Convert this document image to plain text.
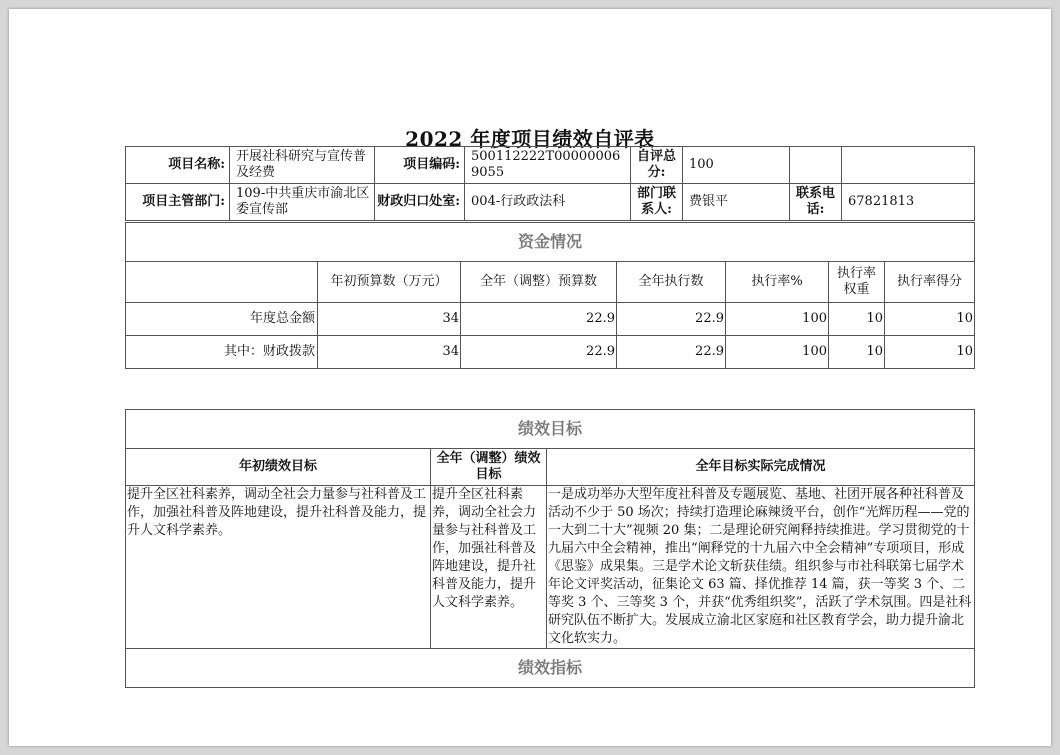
2022 年度项目绩效自评表
项目名称:	开展社科研究与宣传普及经费	项目编码:	500112222T000000069055	自评总分:	100		
项目主管部门:	109-中共重庆市渝北区委宣传部	财政归口处室:	004-行政政法科	部门联系人:	费银平	联系电话:	67821813
资金情况						
	年初预算数（万元）	全年（调整）预算数	全年执行数	执行率%	执行率权重	执行率得分
年度总金额	34	22.9	22.9	100	10	10
其中：财政拨款	34	22.9	22.9	100	10	10
绩效目标		
年初绩效目标	全年（调整）绩效目标	全年目标实际完成情况
提升全区社科素养，调动全社会力量参与社科普及工作，加强社科普及阵地建设，提升社科普及能力，提升人文科学素养。	提升全区社科素养，调动全社会力量参与社科普及工作，加强社科普及阵地建设，提升社科普及能力，提升人文科学素养。	一是成功举办大型年度社科普及专题展览、基地、社团开展各种社科普及活动不少于 50 场次；持续打造理论麻辣烫平台，创作“光辉历程——党的一大到二十大”视频 20 集；二是理论研究阐释持续推进。学习贯彻党的十九届六中全会精神，推出“阐释党的十九届六中全会精神”专项项目，形成《思鉴》成果集。三是学术论文斩获佳绩。组织参与市社科联第七届学术年论文评奖活动，征集论文 63 篇、择优推荐 14 篇，获一等奖 3 个、二等奖 3 个、三等奖 3 个，并获“优秀组织奖”，活跃了学术氛围。四是社科研究队伍不断扩大。发展成立渝北区家庭和社区教育学会，助力提升渝北文化软实力。
绩效指标		
